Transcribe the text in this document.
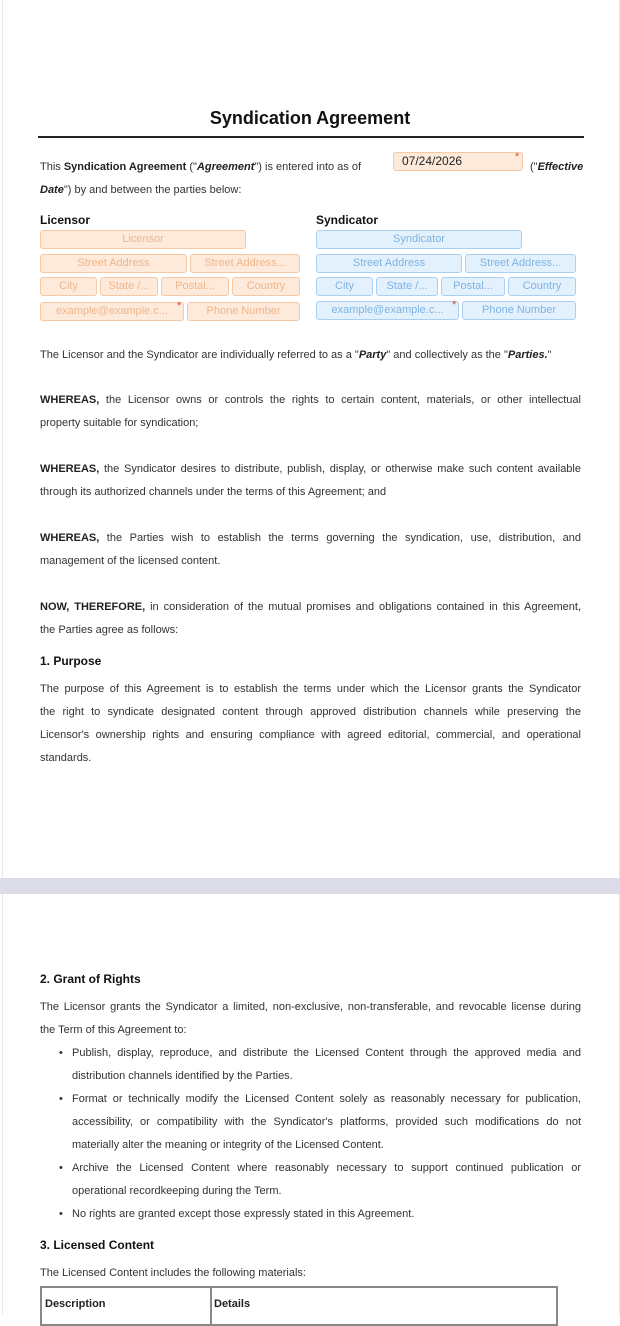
Syndication Agreement
This Syndication Agreement ("Agreement") is entered into as of	07/24/2026	*
("Effective
Date") by and between the parties below:
Licensor
Licensor
Street Address	Street Address...
City	State /...	Postal...	Country
example@example.c... *	Phone Number
Syndicator
Syndicator
Street Address	Street Address...
City	State /...	Postal...	Country
example@example.c... *	Phone Number
The Licensor and the Syndicator are individually referred to as a "Party" and collectively as the "Parties."
WHEREAS, the Licensor owns or controls the rights to certain content, materials, or other intellectual
property suitable for syndication;
WHEREAS, the Syndicator desires to distribute, publish, display, or otherwise make such content available
through its authorized channels under the terms of this Agreement; and
WHEREAS, the Parties wish to establish the terms governing the syndication, use, distribution, and
management of the licensed content.
NOW, THEREFORE, in consideration of the mutual promises and obligations contained in this Agreement,
the Parties agree as follows:
1. Purpose
The purpose of this Agreement is to establish the terms under which the Licensor grants the Syndicator
the right to syndicate designated content through approved distribution channels while preserving the
Licensor's ownership rights and ensuring compliance with agreed editorial, commercial, and operational
standards.
2. Grant of Rights
The Licensor grants the Syndicator a limited, non-exclusive, non-transferable, and revocable license during
the Term of this Agreement to:
• Publish, display, reproduce, and distribute the Licensed Content through the approved media and distribution channels identified by the Parties.
• Format or technically modify the Licensed Content solely as reasonably necessary for publication, accessibility, or compatibility with the Syndicator's platforms, provided such modifications do not materially alter the meaning or integrity of the Licensed Content.
• Archive the Licensed Content where reasonably necessary to support continued publication or operational recordkeeping during the Term.
• No rights are granted except those expressly stated in this Agreement.
3. Licensed Content
The Licensed Content includes the following materials:
Description	Details
